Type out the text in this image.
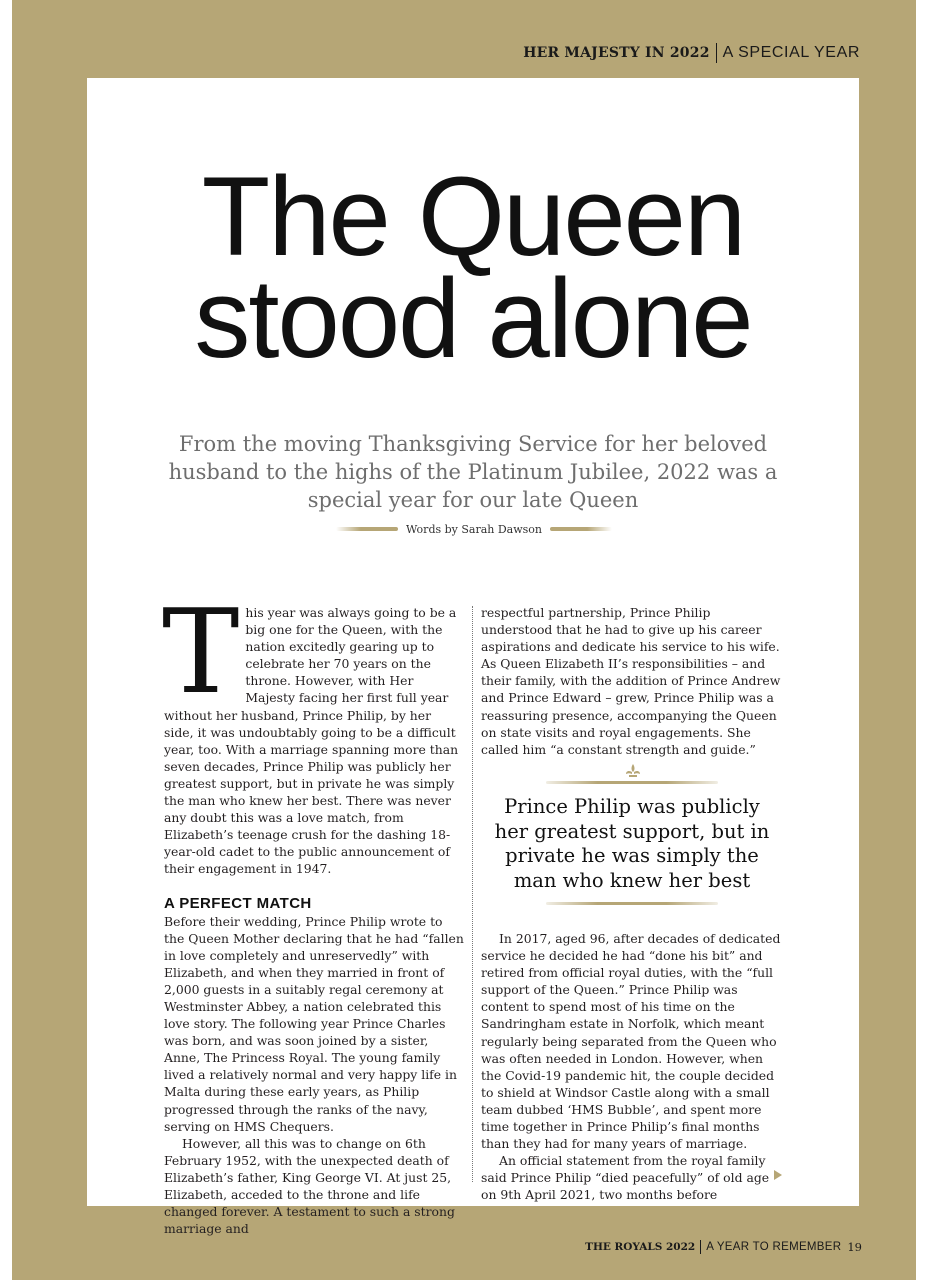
HER MAJESTY IN 2022 A SPECIAL YEAR
The Queen
stood alone

From the moving Thanksgiving Service for her beloved husband to the highs of the Platinum Jubilee, 2022 was a special year for our late Queen

Words by Sarah Dawson

This year was always going to be a big one for the Queen, with the nation excitedly gearing up to celebrate her 70 years on the throne. However, with Her Majesty facing her first full year without her husband, Prince Philip, by her side, it was undoubtably going to be a difficult year, too. With a marriage spanning more than seven decades, Prince Philip was publicly her greatest support, but in private he was simply the man who knew her best. There was never any doubt this was a love match, from Elizabeth’s teenage crush for the dashing 18-year-old cadet to the public announcement of their engagement in 1947.

A PERFECT MATCH

Before their wedding, Prince Philip wrote to the Queen Mother declaring that he had “fallen in love completely and unreservedly” with Elizabeth, and when they married in front of 2,000 guests in a suitably regal ceremony at Westminster Abbey, a nation celebrated this love story. The following year Prince Charles was born, and was soon joined by a sister, Anne, The Princess Royal. The young family lived a relatively normal and very happy life in Malta during these early years, as Philip progressed through the ranks of the navy, serving on HMS Chequers.

However, all this was to change on 6th February 1952, with the unexpected death of Elizabeth’s father, King George VI. At just 25, Elizabeth, acceded to the throne and life changed forever. A testament to such a strong marriage and

respectful partnership, Prince Philip understood that he had to give up his career aspirations and dedicate his service to his wife. As Queen Elizabeth II’s responsibilities – and their family, with the addition of Prince Andrew and Prince Edward – grew, Prince Philip was a reassuring presence, accompanying the Queen on state visits and royal engagements. She called him “a constant strength and guide.”

Prince Philip was publicly her greatest support, but in private he was simply the man who knew her best

In 2017, aged 96, after decades of dedicated service he decided he had “done his bit” and retired from official royal duties, with the “full support of the Queen.” Prince Philip was content to spend most of his time on the Sandringham estate in Norfolk, which meant regularly being separated from the Queen who was often needed in London. However, when the Covid-19 pandemic hit, the couple decided to shield at Windsor Castle along with a small team dubbed ‘HMS Bubble’, and spent more time together in Prince Philip’s final months than they had for many years of marriage.

An official statement from the royal family said Prince Philip “died peacefully” of old age on 9th April 2021, two months before

THE ROYALS 2022 A YEAR TO REMEMBER 19
